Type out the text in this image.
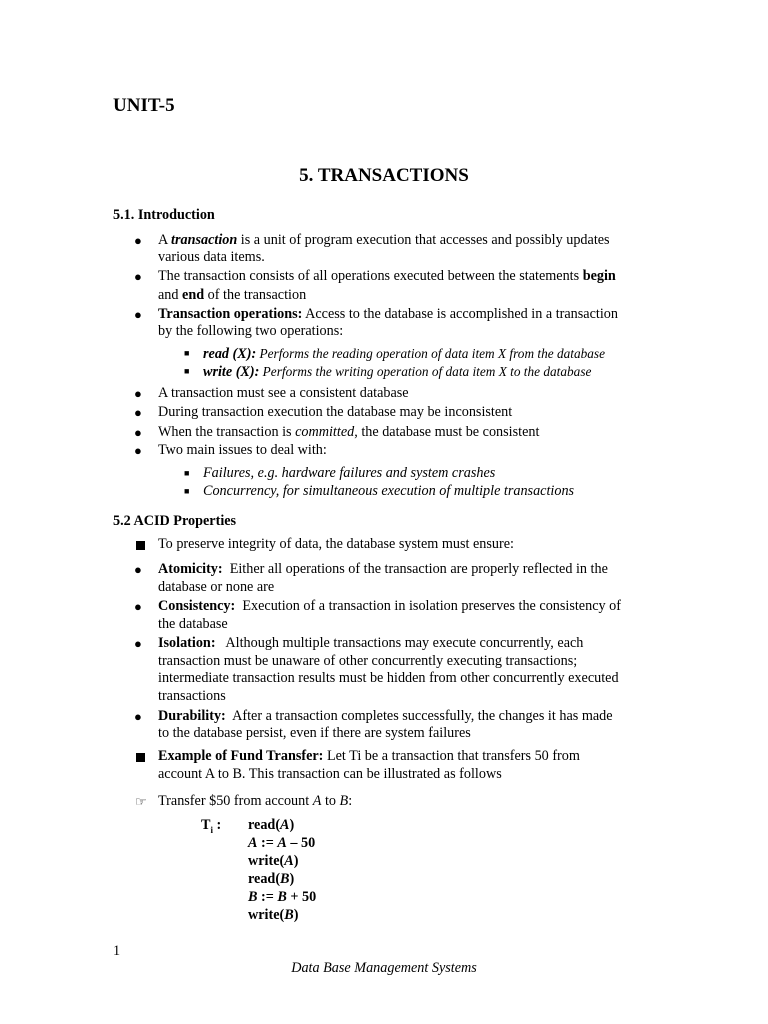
UNIT-5
5. TRANSACTIONS
5.1. Introduction
● A transaction is a unit of program execution that accesses and possibly updates
various data items.
● The transaction consists of all operations executed between the statements begin
and end of the transaction
● Transaction operations: Access to the database is accomplished in a transaction
by the following two operations:
■ read (X): Performs the reading operation of data item X from the database
■ write (X): Performs the writing operation of data item X to the database
● A transaction must see a consistent database
● During transaction execution the database may be inconsistent
● When the transaction is committed, the database must be consistent
● Two main issues to deal with:
■ Failures, e.g. hardware failures and system crashes
■ Concurrency, for simultaneous execution of multiple transactions
5.2 ACID Properties
To preserve integrity of data, the database system must ensure:
● Atomicity:  Either all operations of the transaction are properly reflected in the
database or none are
● Consistency:  Execution of a transaction in isolation preserves the consistency of
the database
● Isolation:   Although multiple transactions may execute concurrently, each
transaction must be unaware of other concurrently executing transactions;
intermediate transaction results must be hidden from other concurrently executed
transactions
● Durability:  After a transaction completes successfully, the changes it has made
to the database persist, even if there are system failures
Example of Fund Transfer: Let Ti be a transaction that transfers 50 from
account A to B. This transaction can be illustrated as follows
☞ Transfer $50 from account A to B:
$T_i$ : read(A)
A := A – 50
write(A)
read(B)
B := B + 50
write(B)
1
Data Base Management Systems
